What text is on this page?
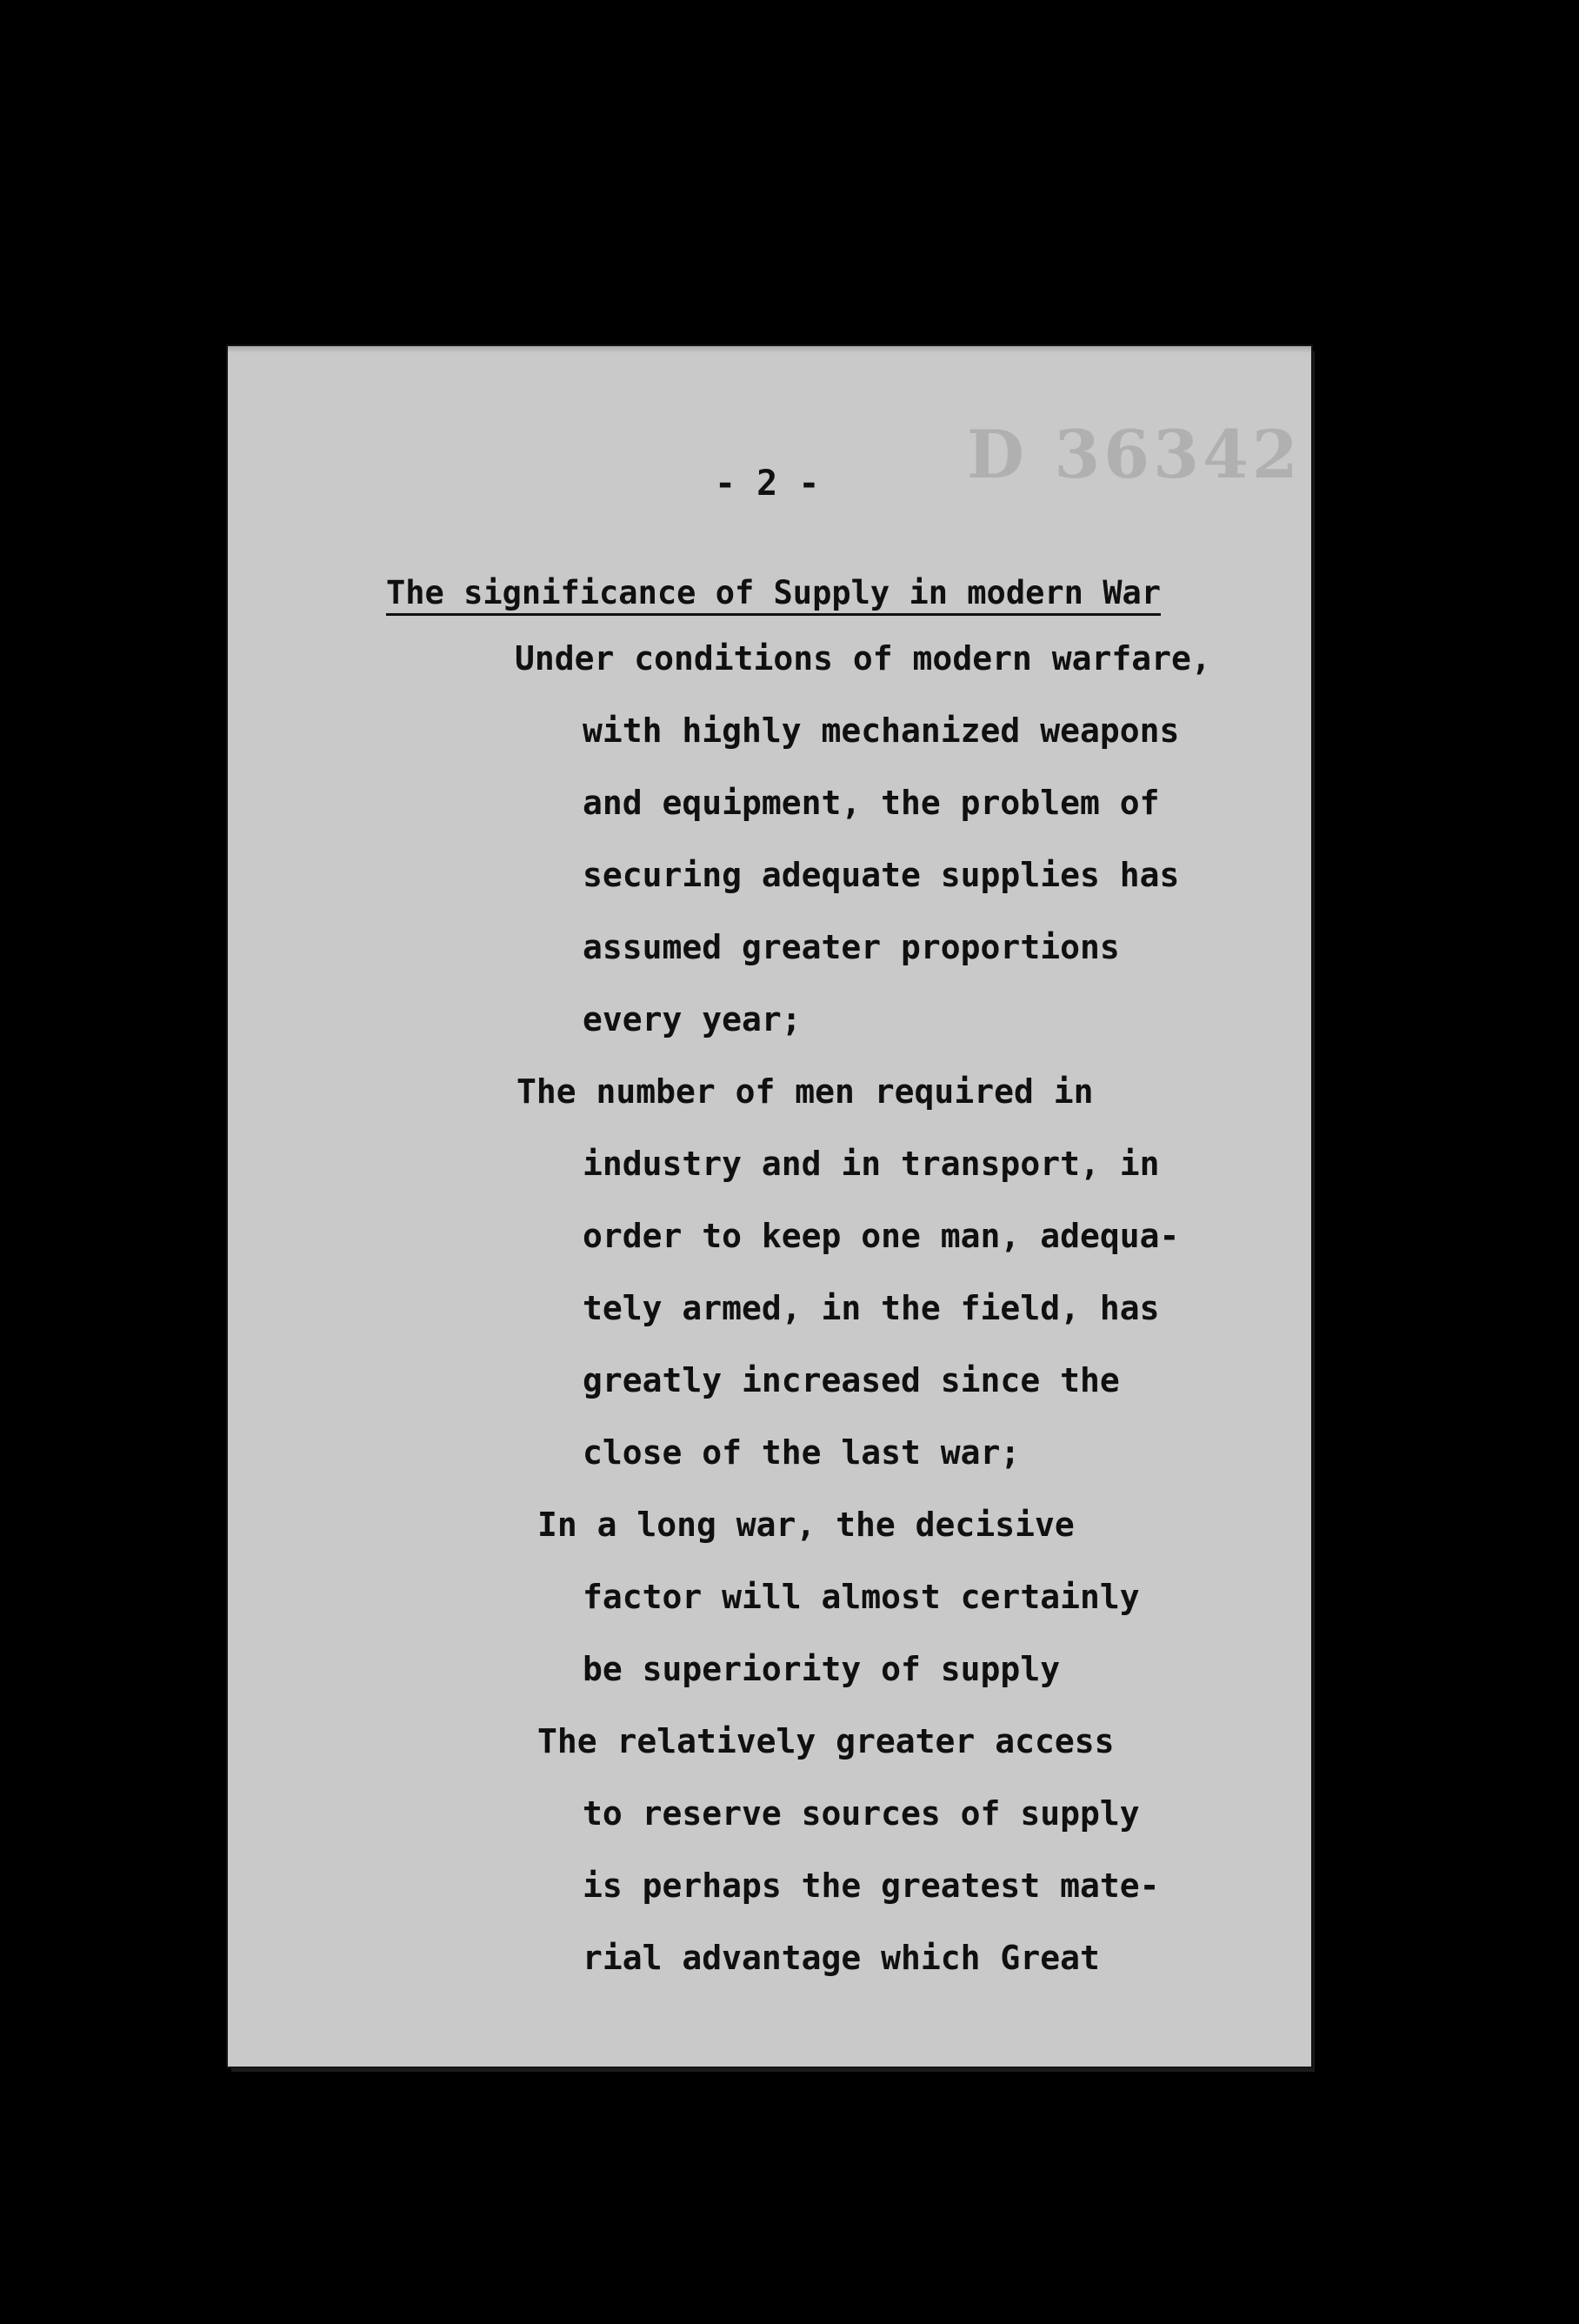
D 36342
- 2 -
The significance of Supply in modern War
Under conditions of modern warfare,
with highly mechanized weapons
and equipment, the problem of
securing adequate supplies has
assumed greater proportions
every year;
The number of men required in
industry and in transport, in
order to keep one man, adequa-
tely armed, in the field, has
greatly increased since the
close of the last war;
In a long war, the decisive
factor will almost certainly
be superiority of supply
The relatively greater access
to reserve sources of supply
is perhaps the greatest mate-
rial advantage which Great
